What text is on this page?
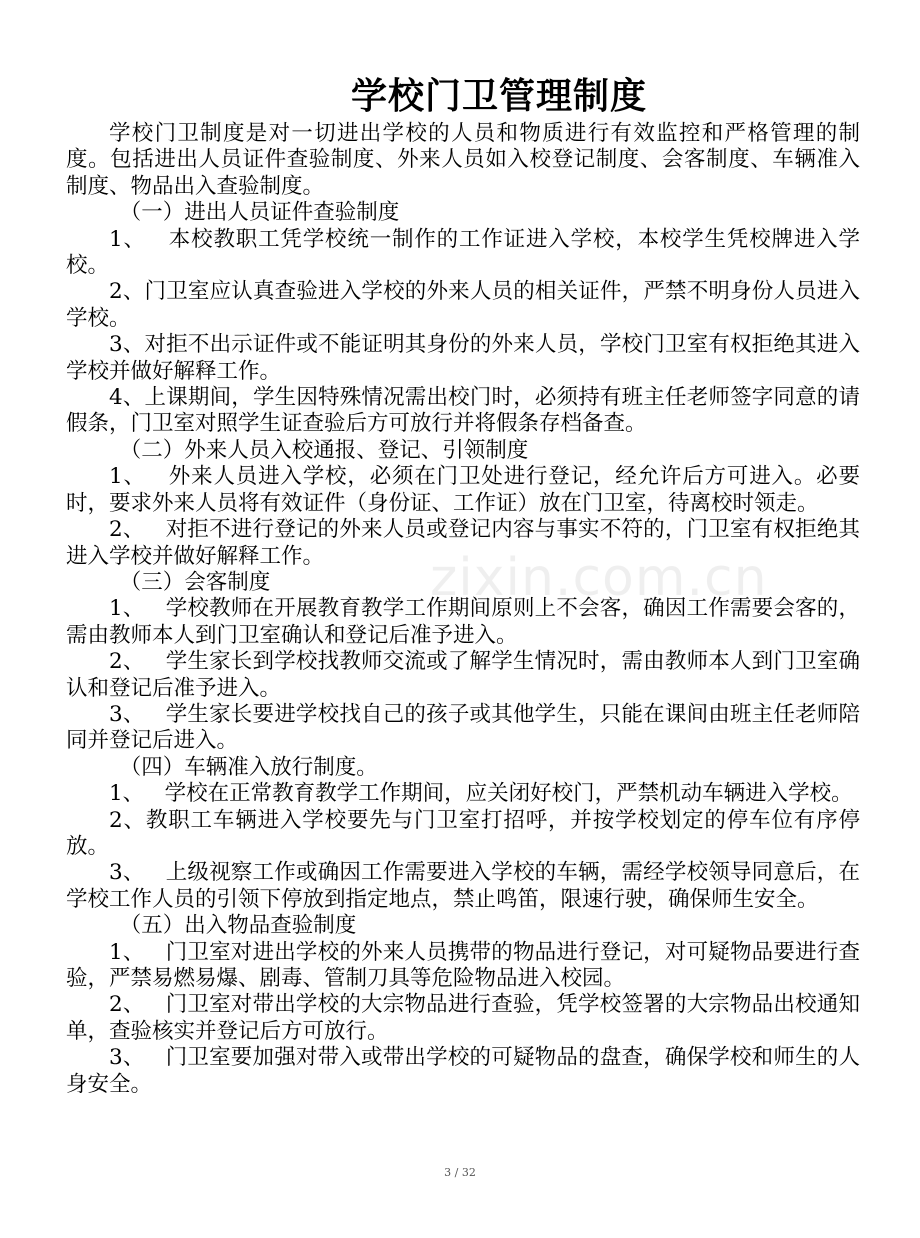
学校门卫管理制度
zixin.com.cn

学校门卫制度是对一切进出学校的人员和物质进行有效监控和严格管理的制度。包括进出人员证件查验制度、外来人员如入校登记制度、会客制度、车辆准入制度、物品出入查验制度。

（一）进出人员证件查验制度

1、   本校教职工凭学校统一制作的工作证进入学校，本校学生凭校牌进入学校。

2、门卫室应认真查验进入学校的外来人员的相关证件，严禁不明身份人员进入学校。

3、对拒不出示证件或不能证明其身份的外来人员，学校门卫室有权拒绝其进入学校并做好解释工作。

4、上课期间，学生因特殊情况需出校门时，必须持有班主任老师签字同意的请假条，门卫室对照学生证查验后方可放行并将假条存档备查。

（二）外来人员入校通报、登记、引领制度

1、   外来人员进入学校，必须在门卫处进行登记，经允许后方可进入。必要时，要求外来人员将有效证件（身份证、工作证）放在门卫室，待离校时领走。

2、   对拒不进行登记的外来人员或登记内容与事实不符的，门卫室有权拒绝其进入学校并做好解释工作。

（三）会客制度

1、   学校教师在开展教育教学工作期间原则上不会客，确因工作需要会客的，需由教师本人到门卫室确认和登记后准予进入。

2、   学生家长到学校找教师交流或了解学生情况时，需由教师本人到门卫室确认和登记后准予进入。

3、   学生家长要进学校找自己的孩子或其他学生，只能在课间由班主任老师陪同并登记后进入。

（四）车辆准入放行制度。

1、   学校在正常教育教学工作期间，应关闭好校门，严禁机动车辆进入学校。

2、教职工车辆进入学校要先与门卫室打招呼，并按学校划定的停车位有序停放。

3、   上级视察工作或确因工作需要进入学校的车辆，需经学校领导同意后，在学校工作人员的引领下停放到指定地点，禁止鸣笛，限速行驶，确保师生安全。

（五）出入物品查验制度

1、   门卫室对进出学校的外来人员携带的物品进行登记，对可疑物品要进行查验，严禁易燃易爆、剧毒、管制刀具等危险物品进入校园。

2、   门卫室对带出学校的大宗物品进行查验，凭学校签署的大宗物品出校通知单，查验核实并登记后方可放行。

3、   门卫室要加强对带入或带出学校的可疑物品的盘查，确保学校和师生的人身安全。

3 / 32
